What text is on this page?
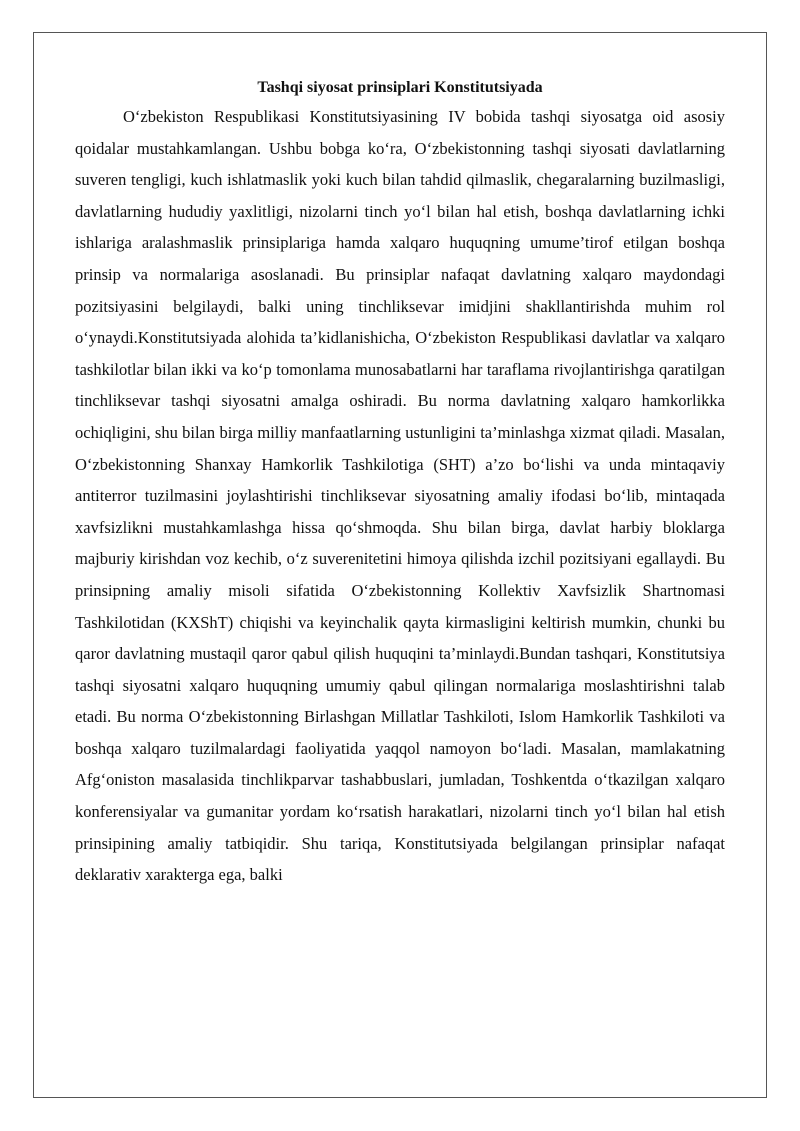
Tashqi siyosat prinsiplari Konstitutsiyada

O‘zbekiston Respublikasi Konstitutsiyasining IV bobida tashqi siyosatga oid asosiy qoidalar mustahkamlangan. Ushbu bobga ko‘ra, O‘zbekistonning tashqi siyosati davlatlarning suveren tengligi, kuch ishlatmaslik yoki kuch bilan tahdid qilmaslik, chegaralarning buzilmasligi, davlatlarning hududiy yaxlitligi, nizolarni tinch yo‘l bilan hal etish, boshqa davlatlarning ichki ishlariga aralashmaslik prinsiplariga hamda xalqaro huquqning umume’tirof etilgan boshqa prinsip va normalariga asoslanadi. Bu prinsiplar nafaqat davlatning xalqaro maydondagi pozitsiyasini belgilaydi, balki uning tinchliksevar imidjini shakllantirishda muhim rol o‘ynaydi.Konstitutsiyada alohida ta’kidlanishicha, O‘zbekiston Respublikasi davlatlar va xalqaro tashkilotlar bilan ikki va ko‘p tomonlama munosabatlarni har taraflama rivojlantirishga qaratilgan tinchliksevar tashqi siyosatni amalga oshiradi. Bu norma davlatning xalqaro hamkorlikka ochiqligini, shu bilan birga milliy manfaatlarning ustunligini ta’minlashga xizmat qiladi. Masalan, O‘zbekistonning Shanxay Hamkorlik Tashkilotiga (SHT) a’zo bo‘lishi va unda mintaqaviy antiterror tuzilmasini joylashtirishi tinchliksevar siyosatning amaliy ifodasi bo‘lib, mintaqada xavfsizlikni mustahkamlashga hissa qo‘shmoqda. Shu bilan birga, davlat harbiy bloklarga majburiy kirishdan voz kechib, o‘z suverenitetini himoya qilishda izchil pozitsiyani egallaydi. Bu prinsipning amaliy misoli sifatida O‘zbekistonning Kollektiv Xavfsizlik Shartnomasi Tashkilotidan (KXShT) chiqishi va keyinchalik qayta kirmasligini keltirish mumkin, chunki bu qaror davlatning mustaqil qaror qabul qilish huquqini ta’minlaydi.Bundan tashqari, Konstitutsiya tashqi siyosatni xalqaro huquqning umumiy qabul qilingan normalariga moslashtirishni talab etadi. Bu norma O‘zbekistonning Birlashgan Millatlar Tashkiloti, Islom Hamkorlik Tashkiloti va boshqa xalqaro tuzilmalardagi faoliyatida yaqqol namoyon bo‘ladi. Masalan, mamlakatning Afg‘oniston masalasida tinchlikparvar tashabbuslari, jumladan, Toshkentda o‘tkazilgan xalqaro konferensiyalar va gumanitar yordam ko‘rsatish harakatlari, nizolarni tinch yo‘l bilan hal etish prinsipining amaliy tatbiqidir. Shu tariqa, Konstitutsiyada belgilangan prinsiplar nafaqat deklarativ xarakterga ega, balki
